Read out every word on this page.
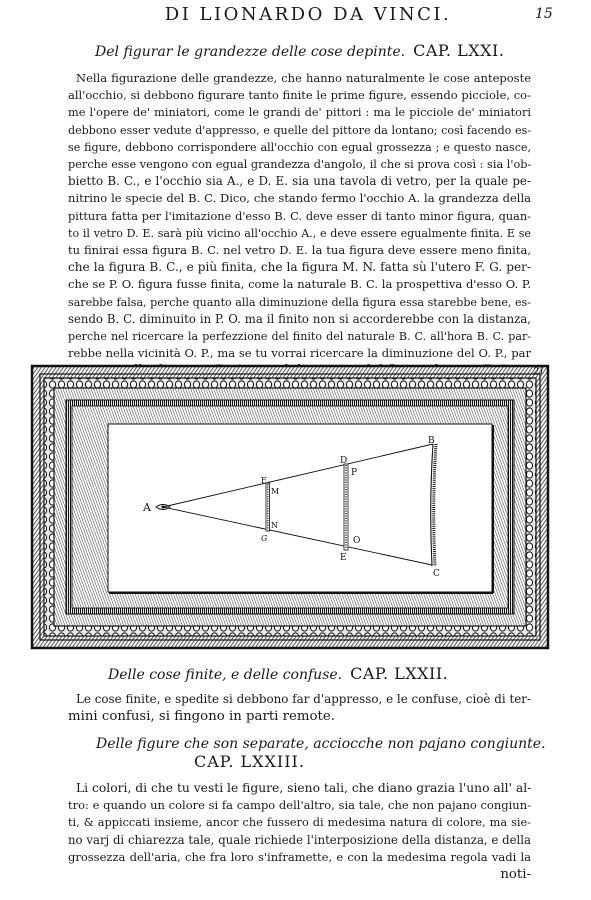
DI LIONARDO DA VINCI.	15
Del figurar le grandezze delle cose depinte. CAP. LXXI.
Nella figurazione delle grandezze, che hanno naturalmente le cose anteposte
all'occhio, si debbono figurare tanto finite le prime figure, essendo picciole, co-
me l'opere de' miniatori, come le grandi de' pittori : ma le picciole de' miniatori
debbono esser vedute d'appresso, e quelle del pittore da lontano; così facendo es-
se figure, debbono corrispondere all'occhio con egual grossezza ; e questo nasce,
perche esse vengono con egual grandezza d'angolo, il che si prova così : sia l'ob-
bietto B. C., e l'occhio sia A., e D. E. sia una tavola di vetro, per la quale pe-
nitrino le specie del B. C. Dico, che stando fermo l'occhio A. la grandezza della
pittura fatta per l'imitazione d'esso B. C. deve esser di tanto minor figura, quan-
to il vetro D. E. sarà più vicino all'occhio A., e deve essere egualmente finita. E se
tu finirai essa figura B. C. nel vetro D. E. la tua figura deve essere meno finita,
che la figura B. C., e più finita, che la figura M. N. fatta sù l'utero F. G. per-
che se P. O. figura fusse finita, come la naturale B. C. la prospettiva d'esso O. P.
sarebbe falsa, perche quanto alla diminuzione della figura essa starebbe bene, es-
sendo B. C. diminuito in P. O. ma il finito non si accorderebbe con la distanza,
perche nel ricercare la perfezzione del finito del naturale B. C. all'hora B. C. par-
rebbe nella vicinità O. P., ma se tu vorrai ricercare la diminuzione del O. P., par
A
B
C
D
P
E
O
F
M
N
G
21
Delle cose finite, e delle confuse. CAP. LXXII.
Le cose finite, e spedite si debbono far d'appresso, e le confuse, cioè di ter-
mini confusi, si fingono in parti remote.
Delle figure che son separate, acciocche non pajano congiunte.
CAP. LXXIII.
Li colori, di che tu vesti le figure, sieno tali, che diano grazia l'uno all' al-
tro: e quando un colore si fa campo dell'altro, sia tale, che non pajano congiun-
ti, & appiccati insieme, ancor che fussero di medesima natura di colore, ma sie-
no varj di chiarezza tale, quale richiede l'interposizione della distanza, e della
grossezza dell'aria, che fra loro s'inframette, e con la medesima regola vadi la
noti-
